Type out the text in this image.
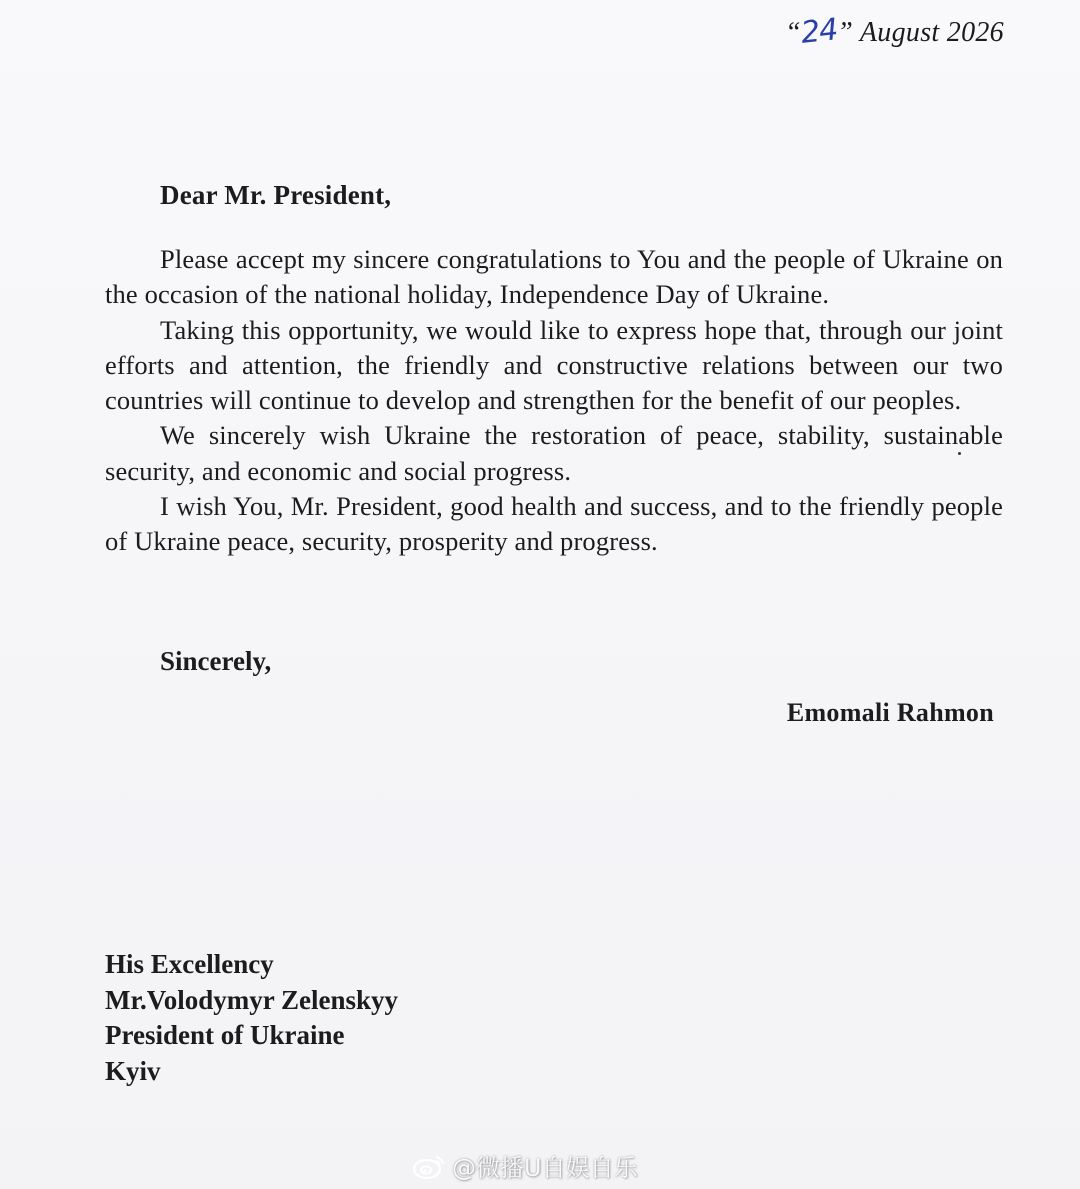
“24” August 2026
Dear Mr. President,

Please accept my sincere congratulations to You and the people of Ukraine on the occasion of the national holiday, Independence Day of Ukraine.

Taking this opportunity, we would like to express hope that, through our joint efforts and attention, the friendly and constructive relations between our two countries will continue to develop and strengthen for the benefit of our peoples.

We sincerely wish Ukraine the restoration of peace, stability, sustainable security, and economic and social progress.

I wish You, Mr. President, good health and success, and to the friendly people of Ukraine peace, security, prosperity and progress.

Sincerely,
Emomali Rahmon
His Excellency
Mr.Volodymyr Zelenskyy
President of Ukraine
Kyiv
@微播U自娱自乐
